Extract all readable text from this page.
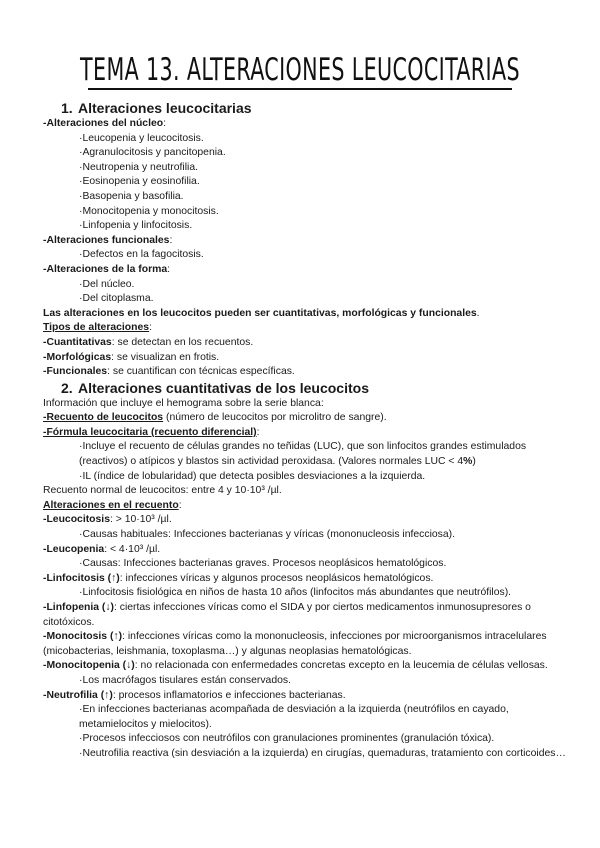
TEMA 13. ALTERACIONES LEUCOCITARIAS
1. Alteraciones leucocitarias
-Alteraciones del núcleo:
·Leucopenia y leucocitosis.
·Agranulocitosis y pancitopenia.
·Neutropenia y neutrofilia.
·Eosinopenia y eosinofilia.
·Basopenia y basofilia.
·Monocitopenia y monocitosis.
·Linfopenia y linfocitosis.
-Alteraciones funcionales:
·Defectos en la fagocitosis.
-Alteraciones de la forma:
·Del núcleo.
·Del citoplasma.
Las alteraciones en los leucocitos pueden ser cuantitativas, morfológicas y funcionales.
Tipos de alteraciones:
-Cuantitativas: se detectan en los recuentos.
-Morfológicas: se visualizan en frotis.
-Funcionales: se cuantifican con técnicas específicas.
2. Alteraciones cuantitativas de los leucocitos
Información que incluye el hemograma sobre la serie blanca:
-Recuento de leucocitos (número de leucocitos por microlitro de sangre).
-Fórmula leucocitaria (recuento diferencial):
·Incluye el recuento de células grandes no teñidas (LUC), que son linfocitos grandes estimulados (reactivos) o atípicos y blastos sin actividad peroxidasa. (Valores normales LUC < 4%)
·IL (índice de lobularidad) que detecta posibles desviaciones a la izquierda.
Recuento normal de leucocitos: entre 4 y 10·10³ /µl.
Alteraciones en el recuento:
-Leucocitosis: > 10·10³ /µl.
·Causas habituales: Infecciones bacterianas y víricas (mononucleosis infecciosa).
-Leucopenia: < 4·10³ /µl.
·Causas: Infecciones bacterianas graves. Procesos neoplásicos hematológicos.
-Linfocitosis (↑): infecciones víricas y algunos procesos neoplásicos hematológicos.
·Linfocitosis fisiológica en niños de hasta 10 años (linfocitos más abundantes que neutrófilos).
-Linfopenia (↓): ciertas infecciones víricas como el SIDA y por ciertos medicamentos inmunosupresores o citotóxicos.
-Monocitosis (↑): infecciones víricas como la mononucleosis, infecciones por microorganismos intracelulares (micobacterias, leishmania, toxoplasma…) y algunas neoplasias hematológicas.
-Monocitopenia (↓): no relacionada con enfermedades concretas excepto en la leucemia de células vellosas.
·Los macrófagos tisulares están conservados.
-Neutrofilia (↑): procesos inflamatorios e infecciones bacterianas.
·En infecciones bacterianas acompañada de desviación a la izquierda (neutrófilos en cayado, metamielocitos y mielocitos).
·Procesos infecciosos con neutrófilos con granulaciones prominentes (granulación tóxica).
·Neutrofilia reactiva (sin desviación a la izquierda) en cirugías, quemaduras, tratamiento con corticoides…
